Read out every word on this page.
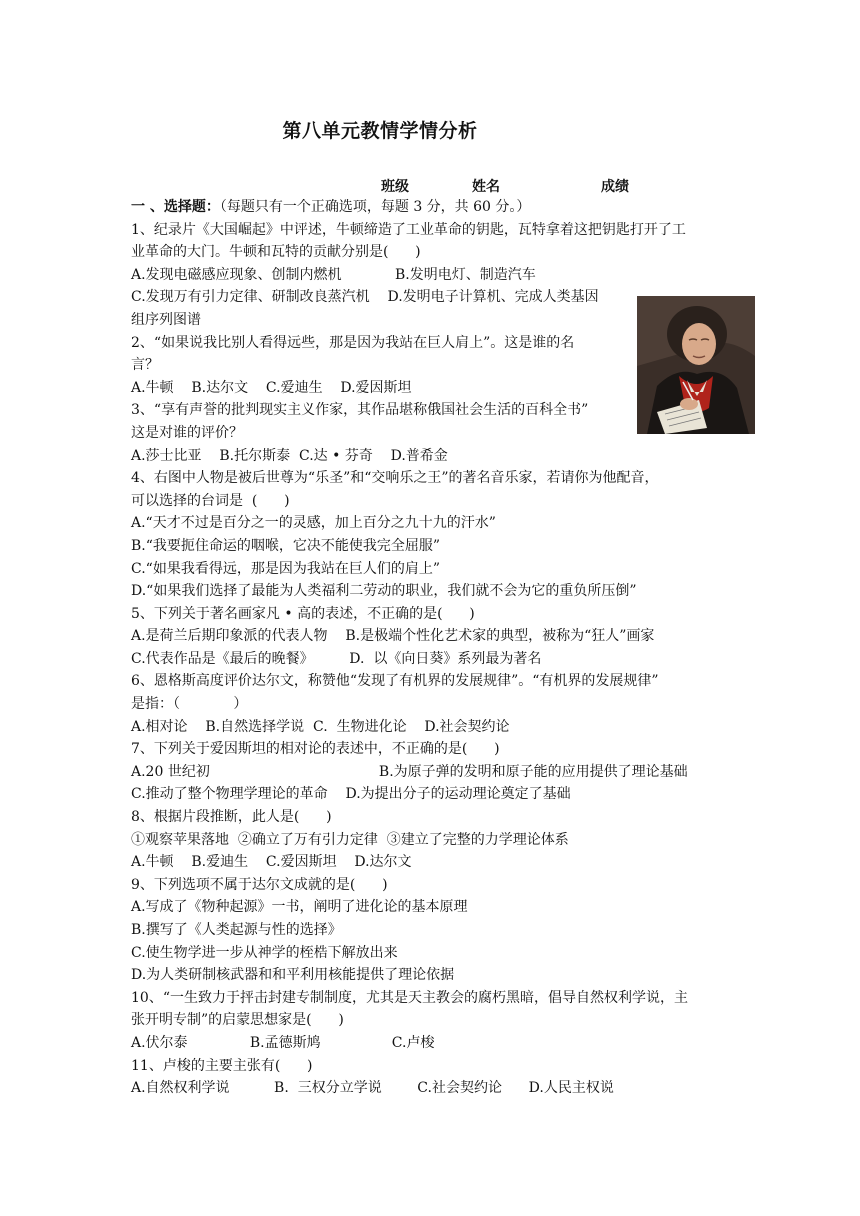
第八单元教情学情分析
班级	姓名	成绩
一 、选择题：（每题只有一个正确选项，每题 3 分，共 60 分。）
1、纪录片《大国崛起》中评述，牛顿缔造了工业革命的钥匙，瓦特拿着这把钥匙打开了工
业革命的大门。牛顿和瓦特的贡献分别是(      )
A.发现电磁感应现象、创制内燃机            B.发明电灯、制造汽车
C.发现万有引力定律、研制改良蒸汽机    D.发明电子计算机、完成人类基因
组序列图谱
2、“如果说我比别人看得远些，那是因为我站在巨人肩上”。这是谁的名
言？
A.牛顿    B.达尔文    C.爱迪生    D.爱因斯坦
3、“享有声誉的批判现实主义作家，其作品堪称俄国社会生活的百科全书”
这是对谁的评价？
A.莎士比亚    B.托尔斯泰  C.达 • 芬奇    D.普希金
4、右图中人物是被后世尊为“乐圣”和“交响乐之王”的著名音乐家，若请你为他配音，
可以选择的台词是  (      )
A.“天才不过是百分之一的灵感，加上百分之九十九的汗水”
B.“我要扼住命运的咽喉，它决不能使我完全屈服”
C.“如果我看得远，那是因为我站在巨人们的肩上”
D.“如果我们选择了最能为人类福利二劳动的职业，我们就不会为它的重负所压倒”
5、下列关于著名画家凡 • 高的表述，不正确的是(      )
A.是荷兰后期印象派的代表人物    B.是极端个性化艺术家的典型，被称为“狂人”画家
C.代表作品是《最后的晚餐》        D.  以《向日葵》系列最为著名
6、恩格斯高度评价达尔文，称赞他“发现了有机界的发展规律”。“有机界的发展规律”
是指：（            ）
A.相对论    B.自然选择学说  C.  生物进化论    D.社会契约论
7、下列关于爱因斯坦的相对论的表述中，不正确的是(      )
A.20 世纪初                                      B.为原子弹的发明和原子能的应用提供了理论基础
C.推动了整个物理学理论的革命    D.为提出分子的运动理论奠定了基础
8、根据片段推断，此人是(      )
①观察苹果落地  ②确立了万有引力定律  ③建立了完整的力学理论体系
A.牛顿    B.爱迪生    C.爱因斯坦    D.达尔文
9、下列选项不属于达尔文成就的是(      )
A.写成了《物种起源》一书，阐明了进化论的基本原理
B.撰写了《人类起源与性的选择》
C.使生物学进一步从神学的桎梏下解放出来
D.为人类研制核武器和和平利用核能提供了理论依据
10、“一生致力于抨击封建专制制度，尤其是天主教会的腐朽黑暗，倡导自然权利学说，主
张开明专制”的启蒙思想家是(      )
A.伏尔泰              B.孟德斯鸠                C.卢梭
11、卢梭的主要主张有(      )
A.自然权利学说          B.  三权分立学说        C.社会契约论      D.人民主权说
